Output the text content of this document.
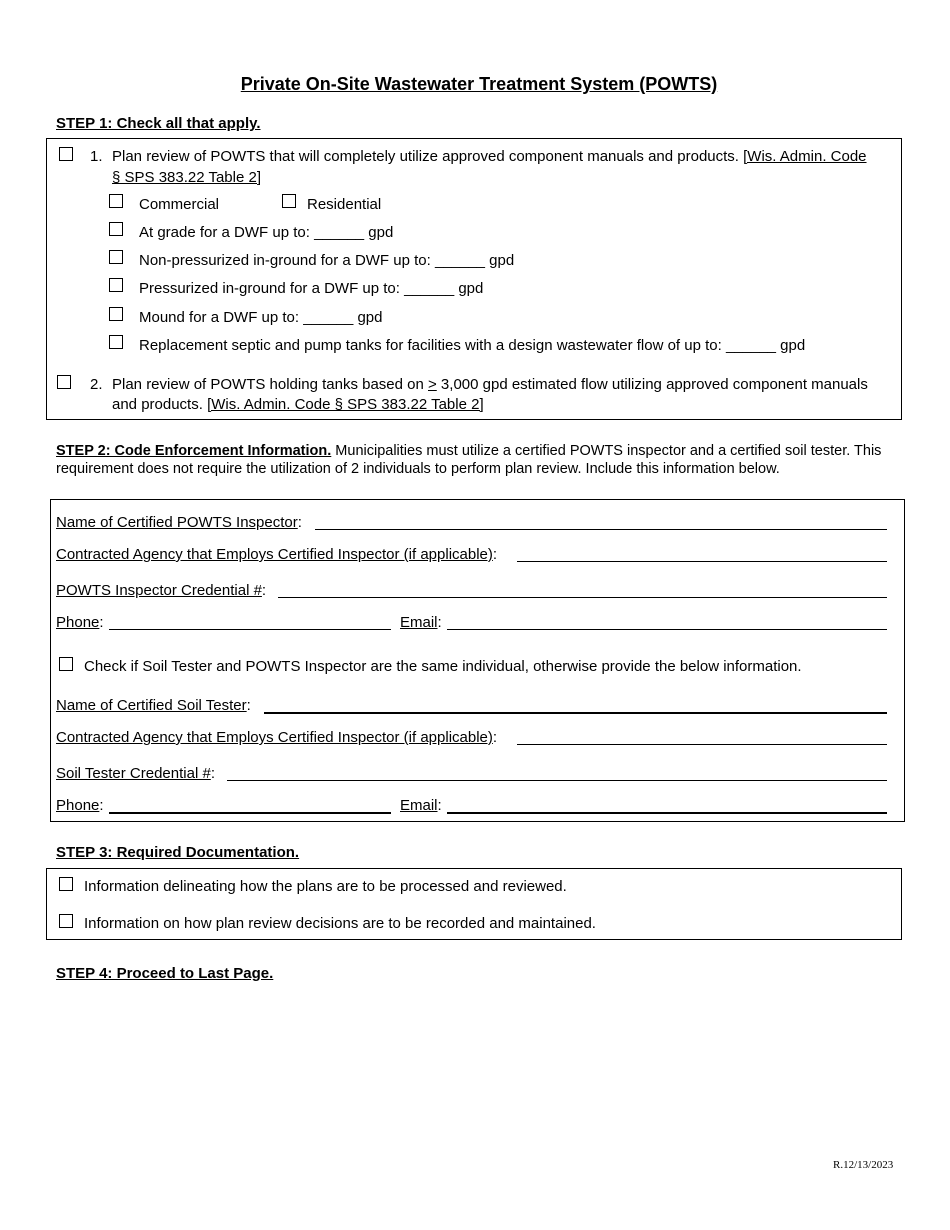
Private On-Site Wastewater Treatment System (POWTS)
STEP 1: Check all that apply.
1. Plan review of POWTS that will completely utilize approved component manuals and products. [Wis. Admin. Code
§ SPS 383.22 Table 2]
Commercial	Residential
At grade for a DWF up to: ______ gpd
Non-pressurized in-ground for a DWF up to: ______ gpd
Pressurized in-ground for a DWF up to: ______ gpd
Mound for a DWF up to: ______ gpd
Replacement septic and pump tanks for facilities with a design wastewater flow of up to: ______ gpd
2. Plan review of POWTS holding tanks based on ≥ 3,000 gpd estimated flow utilizing approved component manuals
and products. [Wis. Admin. Code § SPS 383.22 Table 2]
STEP 2: Code Enforcement Information. Municipalities must utilize a certified POWTS inspector and a certified soil tester. This requirement does not require the utilization of 2 individuals to perform plan review. Include this information below.
Name of Certified POWTS Inspector:
Contracted Agency that Employs Certified Inspector (if applicable):
POWTS Inspector Credential #:
Phone:	Email:
Check if Soil Tester and POWTS Inspector are the same individual, otherwise provide the below information.
Name of Certified Soil Tester:
Contracted Agency that Employs Certified Inspector (if applicable):
Soil Tester Credential #:
Phone:	Email:
STEP 3: Required Documentation.
Information delineating how the plans are to be processed and reviewed.
Information on how plan review decisions are to be recorded and maintained.
STEP 4: Proceed to Last Page.
R.12/13/2023
